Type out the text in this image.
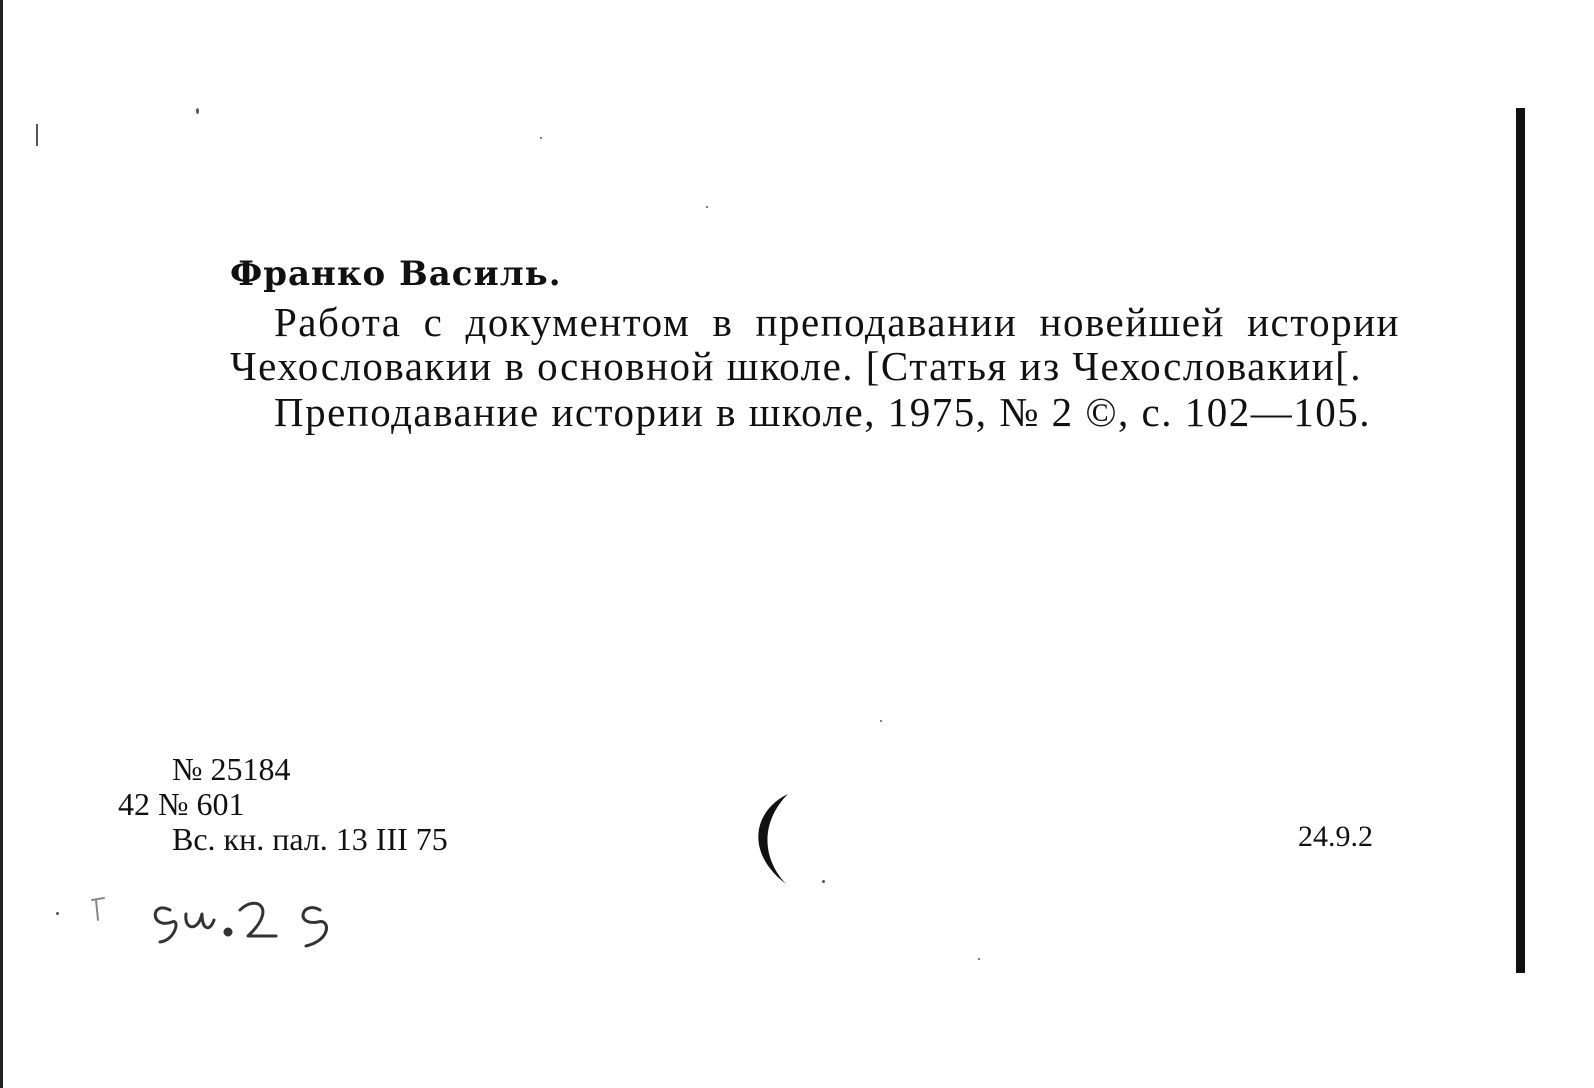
Франко Василь.

Работа с документом в преподавании новейшей истории Чехословакии в основной школе. [Статья из Чехословакии[.

Преподавание истории в школе, 1975, № 2 ©, с. 102—105.

№ 25184
42 № 601
Вс. кн. пал. 13 III 75	24.9.2
